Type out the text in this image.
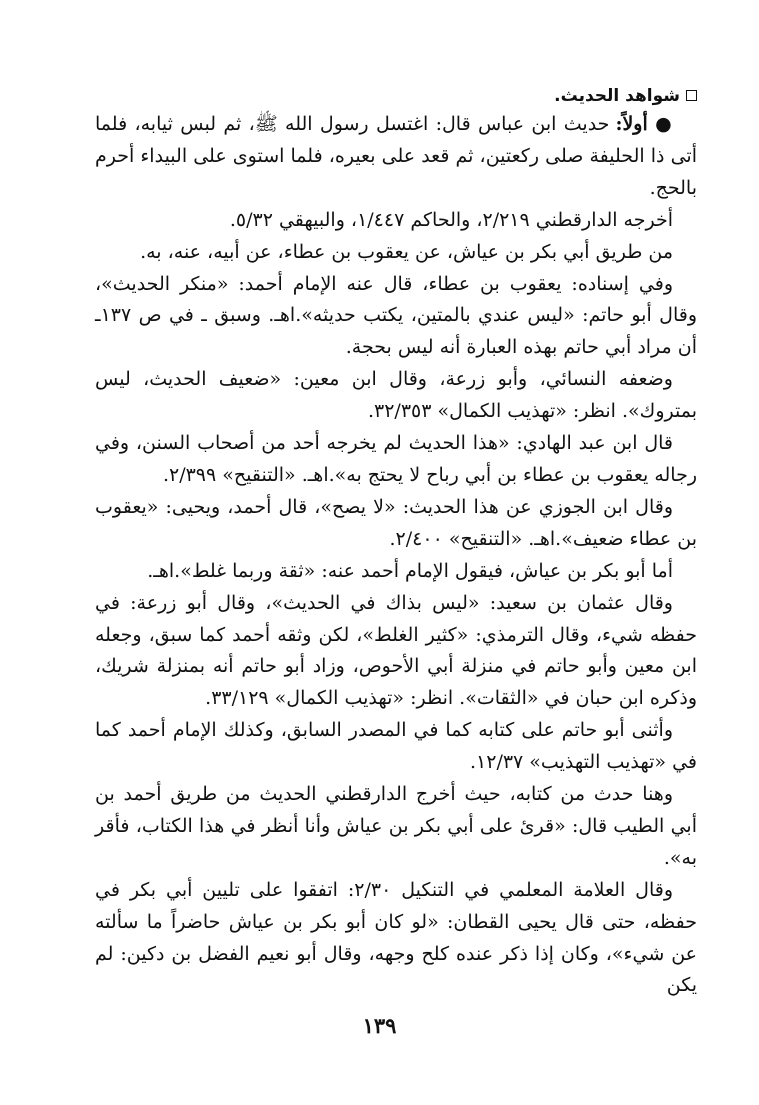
شواهد الحديث.

● أولاً: حديث ابن عباس قال: اغتسل رسول الله ﷺ، ثم لبس ثيابه، فلما أتى ذا الحليفة صلى ركعتين، ثم قعد على بعيره، فلما استوى على البيداء أحرم بالحج.

أخرجه الدارقطني ٢/٢١٩، والحاكم ١/٤٤٧، والبيهقي ٥/٣٢.

من طريق أبي بكر بن عياش، عن يعقوب بن عطاء، عن أبيه، عنه، به.

وفي إسناده: يعقوب بن عطاء، قال عنه الإمام أحمد: «منكر الحديث»، وقال أبو حاتم: «ليس عندي بالمتين، يكتب حديثه».اهـ. وسبق ـ في ص ١٣٧ـ أن مراد أبي حاتم بهذه العبارة أنه ليس بحجة.

وضعفه النسائي، وأبو زرعة، وقال ابن معين: «ضعيف الحديث، ليس بمتروك». انظر: «تهذيب الكمال» ٣٢/٣٥٣.

قال ابن عبد الهادي: «هذا الحديث لم يخرجه أحد من أصحاب السنن، وفي رجاله يعقوب بن عطاء بن أبي رباح لا يحتج به».اهـ. «التنقيح» ٢/٣٩٩.

وقال ابن الجوزي عن هذا الحديث: «لا يصح»، قال أحمد، ويحيى: «يعقوب بن عطاء ضعيف».اهـ. «التنقيح» ٢/٤٠٠.

أما أبو بكر بن عياش، فيقول الإمام أحمد عنه: «ثقة وربما غلط».اهـ.

وقال عثمان بن سعيد: «ليس بذاك في الحديث»، وقال أبو زرعة: في حفظه شيء، وقال الترمذي: «كثير الغلط»، لكن وثقه أحمد كما سبق، وجعله ابن معين وأبو حاتم في منزلة أبي الأحوص، وزاد أبو حاتم أنه بمنزلة شريك، وذكره ابن حبان في «الثقات». انظر: «تهذيب الكمال» ٣٣/١٢٩.

وأثنى أبو حاتم على كتابه كما في المصدر السابق، وكذلك الإمام أحمد كما في «تهذيب التهذيب» ١٢/٣٧.

وهنا حدث من كتابه، حيث أخرج الدارقطني الحديث من طريق أحمد بن أبي الطيب قال: «قرئ على أبي بكر بن عياش وأنا أنظر في هذا الكتاب، فأقر به».

وقال العلامة المعلمي في التنكيل ٢/٣٠: اتفقوا على تليين أبي بكر في حفظه، حتى قال يحيى القطان: «لو كان أبو بكر بن عياش حاضراً ما سألته عن شيء»، وكان إذا ذكر عنده كلح وجهه، وقال أبو نعيم الفضل بن دكين: لم يكن

١٣٩
